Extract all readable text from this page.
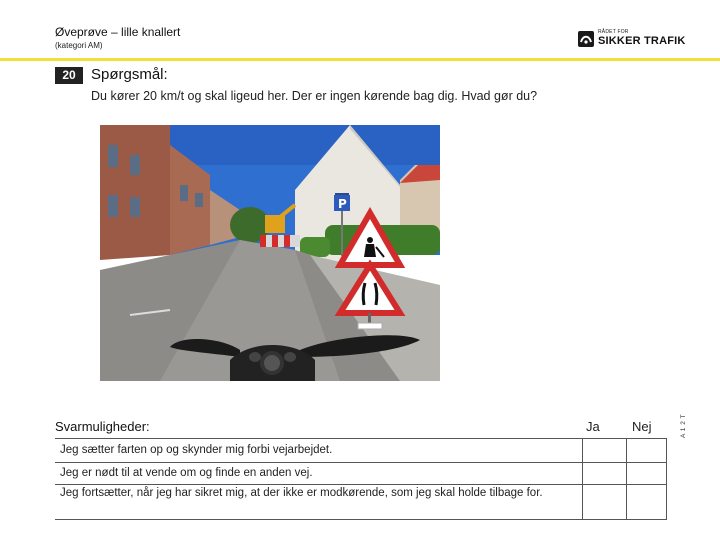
Øveprøve – lille knallert
(kategori AM)
RÅDET FOR
SIKKER TRAFIK
20	Spørgsmål:
Du kører 20 km/t og skal ligeud her. Der er ingen kørende bag dig. Hvad gør du?
P
A 1 2 T
Svarmuligheder:	Ja Nej
Jeg sætter farten op og skynder mig forbi vejarbejdet.
Jeg er nødt til at vende om og finde en anden vej.
Jeg fortsætter, når jeg har sikret mig, at der ikke er modkørende, som jeg skal holde tilbage for.
